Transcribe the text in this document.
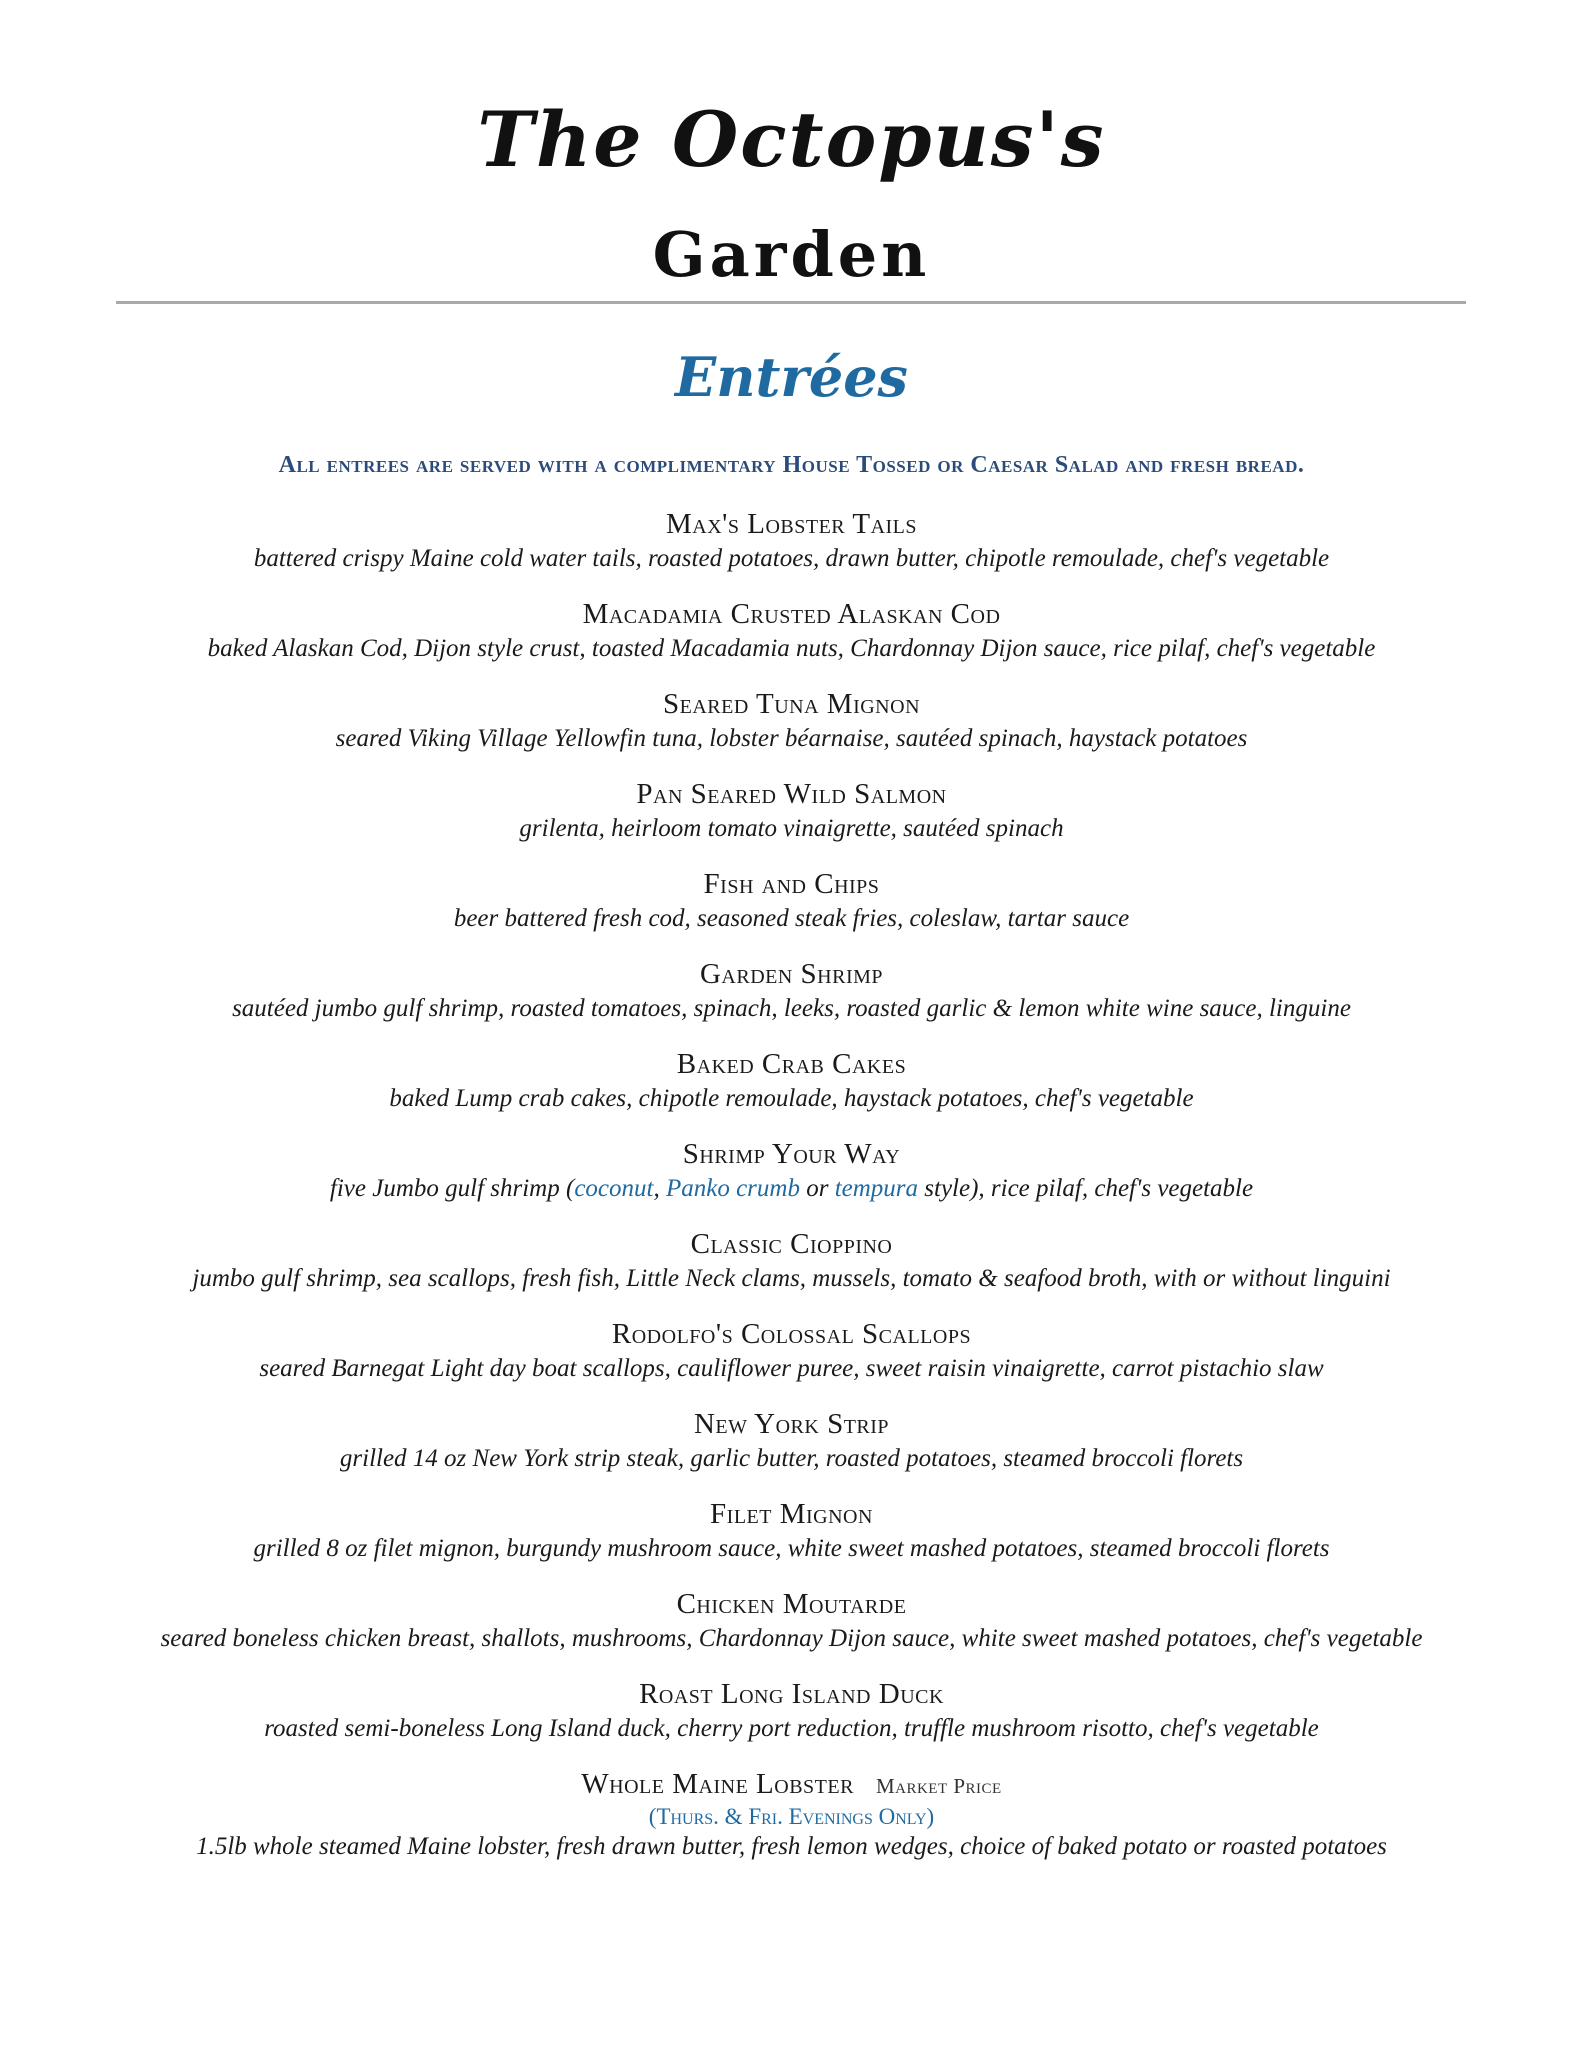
The Octopus's
Garden
Entrées
All entrees are served with a complimentary House Tossed or Caesar Salad and fresh bread.
Max's Lobster Tails
battered crispy Maine cold water tails, roasted potatoes, drawn butter, chipotle remoulade, chef's vegetable
Macadamia Crusted Alaskan Cod
baked Alaskan Cod, Dijon style crust, toasted Macadamia nuts, Chardonnay Dijon sauce, rice pilaf, chef's vegetable
Seared Tuna Mignon
seared Viking Village Yellowfin tuna, lobster béarnaise, sautéed spinach, haystack potatoes
Pan Seared Wild Salmon
grilenta, heirloom tomato vinaigrette, sautéed spinach
Fish and Chips
beer battered fresh cod, seasoned steak fries, coleslaw, tartar sauce
Garden Shrimp
sautéed jumbo gulf shrimp, roasted tomatoes, spinach, leeks, roasted garlic & lemon white wine sauce, linguine
Baked Crab Cakes
baked Lump crab cakes, chipotle remoulade, haystack potatoes, chef's vegetable
Shrimp Your Way
five Jumbo gulf shrimp (coconut, Panko crumb or tempura style), rice pilaf, chef's vegetable
Classic Cioppino
jumbo gulf shrimp, sea scallops, fresh fish, Little Neck clams, mussels, tomato & seafood broth, with or without linguini
Rodolfo's Colossal Scallops
seared Barnegat Light day boat scallops, cauliflower puree, sweet raisin vinaigrette, carrot pistachio slaw
New York Strip
grilled 14 oz New York strip steak, garlic butter, roasted potatoes, steamed broccoli florets
Filet Mignon
grilled 8 oz filet mignon, burgundy mushroom sauce, white sweet mashed potatoes, steamed broccoli florets
Chicken Moutarde
seared boneless chicken breast, shallots, mushrooms, Chardonnay Dijon sauce, white sweet mashed potatoes, chef's vegetable
Roast Long Island Duck
roasted semi-boneless Long Island duck, cherry port reduction, truffle mushroom risotto, chef's vegetable
Whole Maine Lobster Market Price
(Thurs. & Fri. Evenings Only)
1.5lb whole steamed Maine lobster, fresh drawn butter, fresh lemon wedges, choice of baked potato or roasted potatoes
